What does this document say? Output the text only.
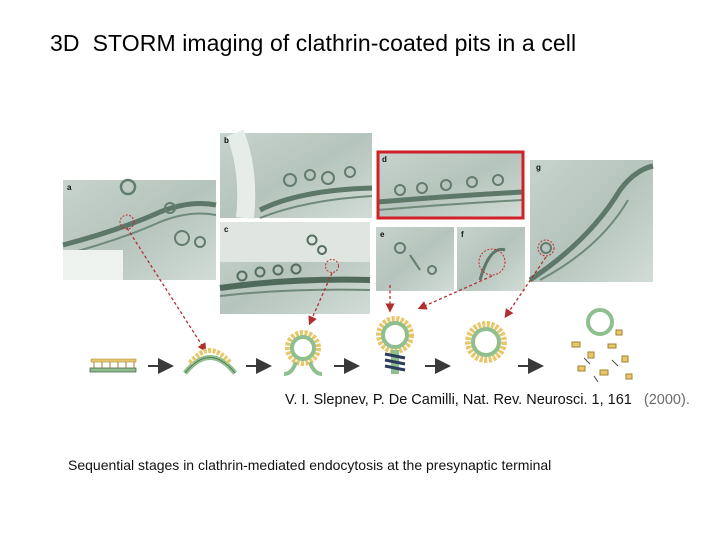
3D  STORM imaging of clathrin-coated pits in a cell
a
b
c
d
e	f
g
V. I. Slepnev, P. De Camilli, Nat. Rev. Neurosci. 1, 161   (2000).
Sequential stages in clathrin-mediated endocytosis at the presynaptic terminal
